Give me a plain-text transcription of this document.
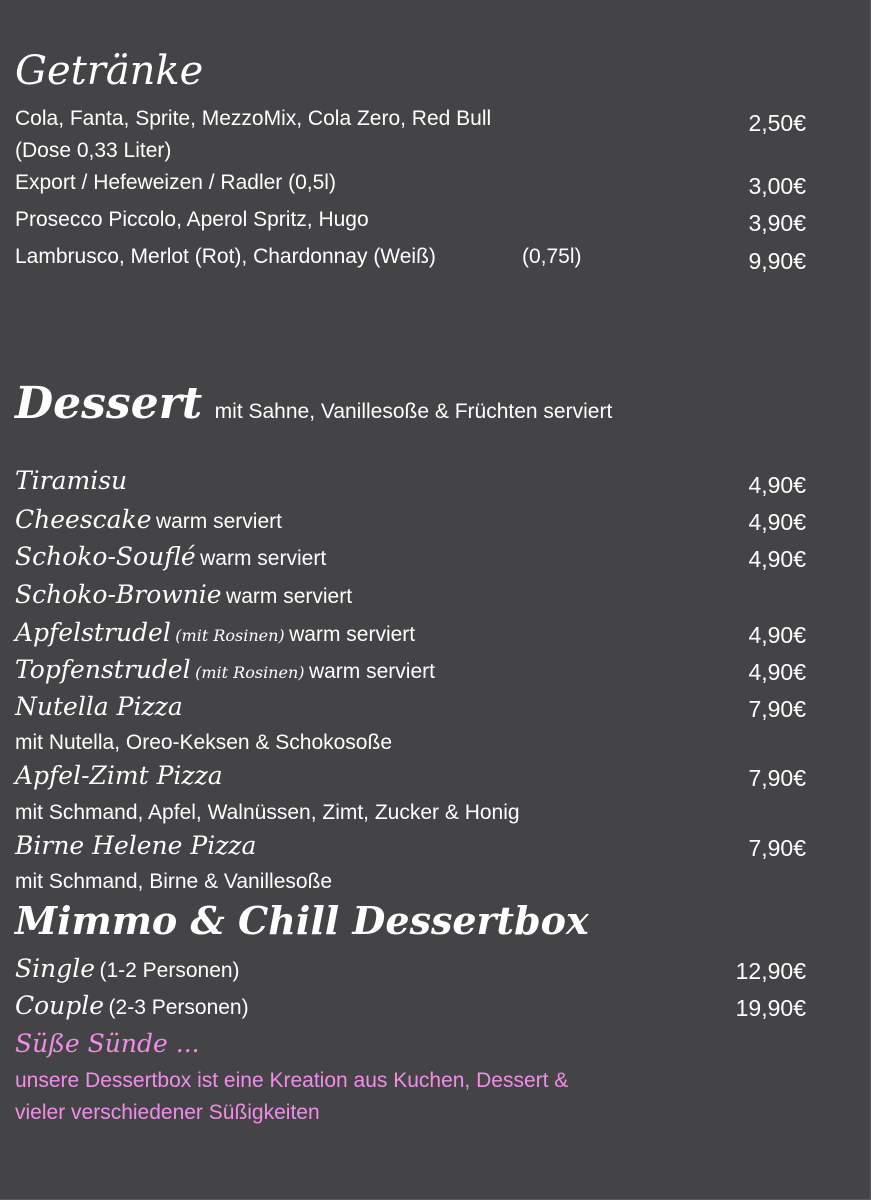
Getränke
Cola, Fanta, Sprite, MezzoMix, Cola Zero, Red Bull
(Dose 0,33 Liter)
2,50€
Export / Hefeweizen / Radler (0,5l)	3,00€
Prosecco Piccolo, Aperol Spritz, Hugo	3,90€
Lambrusco, Merlot (Rot), Chardonnay (Weiß)	(0,75l)	9,90€
Dessert mit Sahne, Vanillesoße & Früchten serviert
Tiramisu	4,90€
Cheescake warm serviert	4,90€
Schoko-Souflé warm serviert	4,90€
Schoko-Brownie warm serviert
Apfelstrudel (mit Rosinen) warm serviert	4,90€
Topfenstrudel (mit Rosinen) warm serviert	4,90€
Nutella Pizza	7,90€
mit Nutella, Oreo-Keksen & Schokosoße
Apfel-Zimt Pizza	7,90€
mit Schmand, Apfel, Walnüssen, Zimt, Zucker & Honig
Birne Helene Pizza	7,90€
mit Schmand, Birne & Vanillesoße
Mimmo & Chill Dessertbox
Single (1-2 Personen)	12,90€
Couple (2-3 Personen)	19,90€
Süße Sünde ...
unsere Dessertbox ist eine Kreation aus Kuchen, Dessert &
vieler verschiedener Süßigkeiten
